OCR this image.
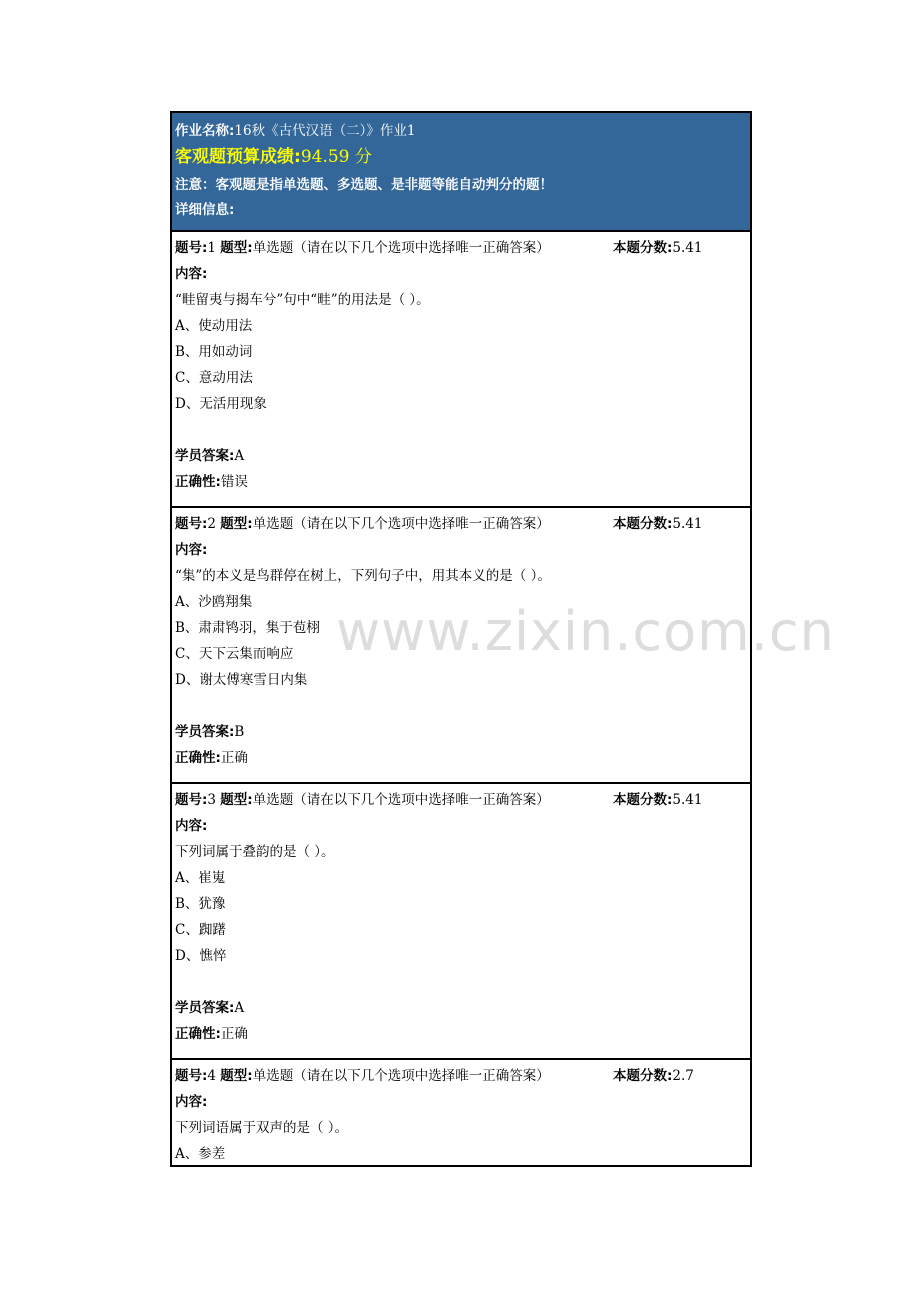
作业名称:16秋《古代汉语（二）》作业1
客观题预算成绩:94.59 分
注意：客观题是指单选题、多选题、是非题等能自动判分的题！
详细信息:
题号:1 题型:单选题（请在以下几个选项中选择唯一正确答案）	本题分数:5.41
内容:
“畦留夷与揭车兮”句中“畦”的用法是（ ）。
A、使动用法
B、用如动词
C、意动用法
D、无活用现象
学员答案:A
正确性:错误
题号:2 题型:单选题（请在以下几个选项中选择唯一正确答案）	本题分数:5.41
内容:
“集”的本义是鸟群停在树上，下列句子中，用其本义的是（ ）。
A、沙鸥翔集
B、肃肃鸨羽，集于苞栩
C、天下云集而响应
D、谢太傅寒雪日内集
学员答案:B
正确性:正确
题号:3 题型:单选题（请在以下几个选项中选择唯一正确答案）	本题分数:5.41
内容:
下列词属于叠韵的是（ ）。
A、崔嵬
B、犹豫
C、踟躇
D、憔悴
学员答案:A
正确性:正确
题号:4 题型:单选题（请在以下几个选项中选择唯一正确答案）	本题分数:2.7
内容:
下列词语属于双声的是（ ）。
A、参差
www.zixin.com.cn
